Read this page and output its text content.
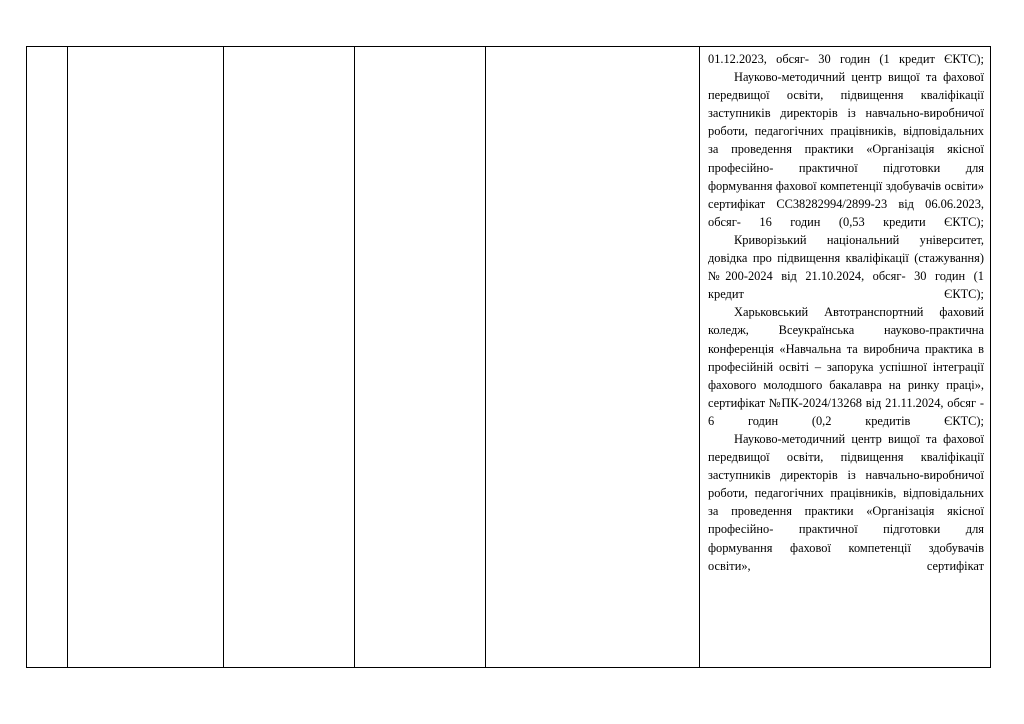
01.12.2023, обсяг- 30 годин (1 кредит ЄКТС);

Науково-методичний центр вищої та фахової передвищої освіти, підвищення кваліфікації заступників директорів із навчально-виробничої роботи, педагогічних працівників, відповідальних за проведення практики «Організація якісної професійно- практичної підготовки для формування фахової компетенції здобувачів освіти» сертифікат СС38282994/2899-23 від 06.06.2023, обсяг- 16 годин (0,53 кредити ЄКТС);

Криворізький національний університет, довідка про підвищення кваліфікації (стажування) №200-2024 від 21.10.2024, обсяг- 30 годин (1 кредит ЄКТС);

Харьковський Автотранспортний фаховий коледж, Всеукраїнська науково-практична конференція «Навчальна та виробнича практика в професійній освіті – запорука успішної інтеграції фахового молодшого бакалавра на ринку праці», сертифікат №ПК-2024/13268 від 21.11.2024, обсяг - 6 годин (0,2 кредитів ЄКТС);

Науково-методичний центр вищої та фахової передвищої освіти, підвищення кваліфікації заступників директорів із навчально-виробничої роботи, педагогічних працівників, відповідальних за проведення практики «Організація якісної професійно- практичної підготовки для формування фахової компетенції здобувачів освіти», сертифікат
